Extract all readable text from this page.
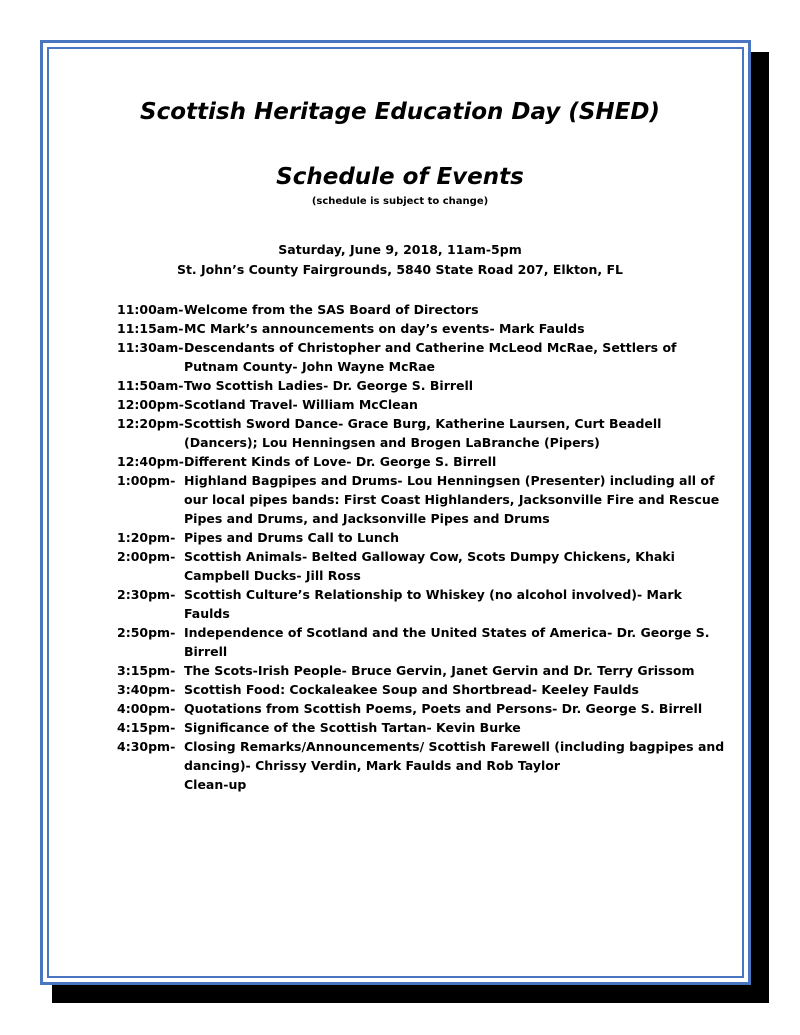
Scottish Heritage Education Day (SHED)
Schedule of Events
(schedule is subject to change)
Saturday, June 9, 2018, 11am-5pm
St. John’s County Fairgrounds, 5840 State Road 207, Elkton, FL
11:00am- Welcome from the SAS Board of Directors
11:15am- MC Mark’s announcements on day’s events- Mark Faulds
11:30am- Descendants of Christopher and Catherine McLeod McRae, Settlers of
Putnam County- John Wayne McRae
11:50am- Two Scottish Ladies- Dr. George S. Birrell
12:00pm- Scotland Travel- William McClean
12:20pm- Scottish Sword Dance- Grace Burg, Katherine Laursen, Curt Beadell
(Dancers); Lou Henningsen and Brogen LaBranche (Pipers)
12:40pm- Different Kinds of Love- Dr. George S. Birrell
1:00pm- Highland Bagpipes and Drums- Lou Henningsen (Presenter) including all of
our local pipes bands: First Coast Highlanders, Jacksonville Fire and Rescue
Pipes and Drums, and Jacksonville Pipes and Drums
1:20pm- Pipes and Drums Call to Lunch
2:00pm- Scottish Animals- Belted Galloway Cow, Scots Dumpy Chickens, Khaki
Campbell Ducks- Jill Ross
2:30pm- Scottish Culture’s Relationship to Whiskey (no alcohol involved)- Mark
Faulds
2:50pm- Independence of Scotland and the United States of America- Dr. George S.
Birrell
3:15pm- The Scots-Irish People- Bruce Gervin, Janet Gervin and Dr. Terry Grissom
3:40pm- Scottish Food: Cockaleakee Soup and Shortbread- Keeley Faulds
4:00pm- Quotations from Scottish Poems, Poets and Persons- Dr. George S. Birrell
4:15pm- Significance of the Scottish Tartan- Kevin Burke
4:30pm- Closing Remarks/Announcements/ Scottish Farewell (including bagpipes and
dancing)- Chrissy Verdin, Mark Faulds and Rob Taylor
Clean-up
